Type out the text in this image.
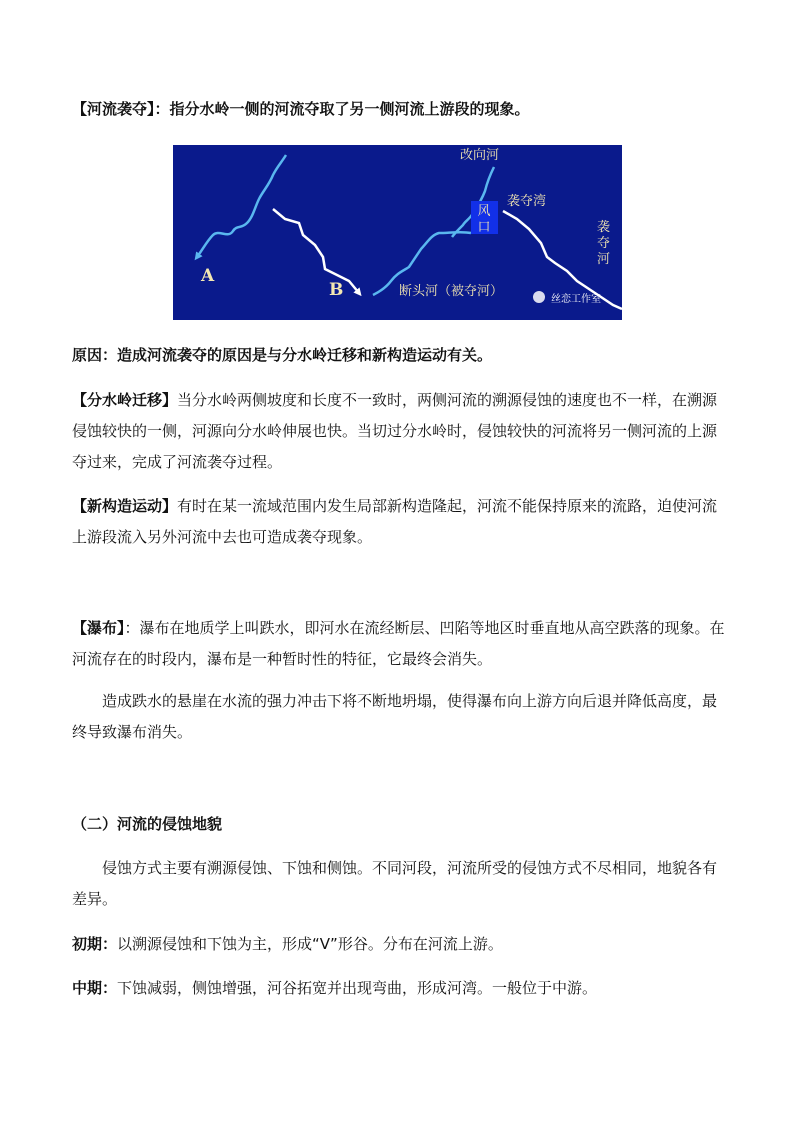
【河流袭夺】：指分水岭一侧的河流夺取了另一侧河流上游段的现象。

A
B
风
口
改向河
袭夺湾
袭
夺
河
断头河（被夺河）
丝恋工作室

原因：造成河流袭夺的原因是与分水岭迁移和新构造运动有关。

【分水岭迁移】当分水岭两侧坡度和长度不一致时，两侧河流的溯源侵蚀的速度也不一样，在溯源侵蚀较快的一侧，河源向分水岭伸展也快。当切过分水岭时，侵蚀较快的河流将另一侧河流的上源夺过来，完成了河流袭夺过程。

【新构造运动】有时在某一流域范围内发生局部新构造隆起，河流不能保持原来的流路，迫使河流上游段流入另外河流中去也可造成袭夺现象。

【瀑布】：瀑布在地质学上叫跌水，即河水在流经断层、凹陷等地区时垂直地从高空跌落的现象。在河流存在的时段内，瀑布是一种暂时性的特征，它最终会消失。

造成跌水的悬崖在水流的强力冲击下将不断地坍塌，使得瀑布向上游方向后退并降低高度，最终导致瀑布消失。

（二）河流的侵蚀地貌

侵蚀方式主要有溯源侵蚀、下蚀和侧蚀。不同河段，河流所受的侵蚀方式不尽相同，地貌各有差异。

初期：以溯源侵蚀和下蚀为主，形成“V”形谷。分布在河流上游。

中期：下蚀减弱，侧蚀增强，河谷拓宽并出现弯曲，形成河湾。一般位于中游。
